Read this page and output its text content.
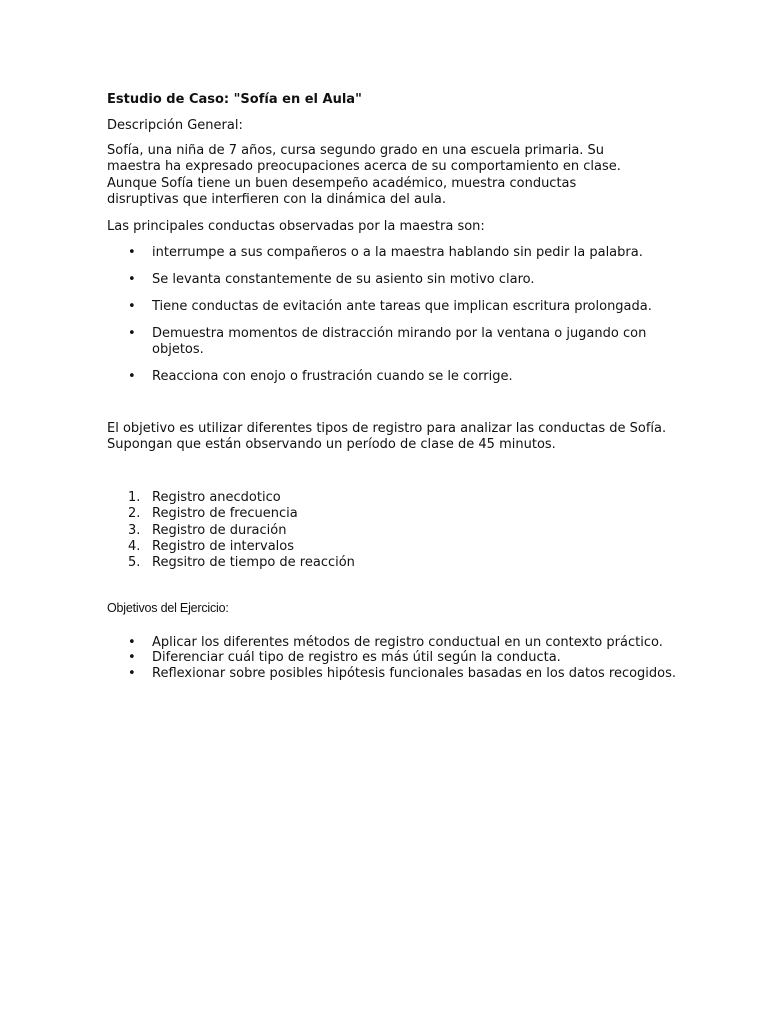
Estudio de Caso: "Sofía en el Aula"
Descripción General:

Sofía, una niña de 7 años, cursa segundo grado en una escuela primaria. Su maestra ha expresado preocupaciones acerca de su comportamiento en clase. Aunque Sofía tiene un buen desempeño académico, muestra conductas disruptivas que interfieren con la dinámica del aula.

Las principales conductas observadas por la maestra son:

• interrumpe a sus compañeros o a la maestra hablando sin pedir la palabra.
• Se levanta constantemente de su asiento sin motivo claro.
• Tiene conductas de evitación ante tareas que implican escritura prolongada.
• Demuestra momentos de distracción mirando por la ventana o jugando con objetos.
• Reacciona con enojo o frustración cuando se le corrige.

El objetivo es utilizar diferentes tipos de registro para analizar las conductas de Sofía. Supongan que están observando un período de clase de 45 minutos.

1. Registro anecdotico
2. Registro de frecuencia
3. Registro de duración
4. Registro de intervalos
5. Regsitro de tiempo de reacción
Objetivos del Ejercicio:
• Aplicar los diferentes métodos de registro conductual en un contexto práctico.
• Diferenciar cuál tipo de registro es más útil según la conducta.
• Reflexionar sobre posibles hipótesis funcionales basadas en los datos recogidos.
